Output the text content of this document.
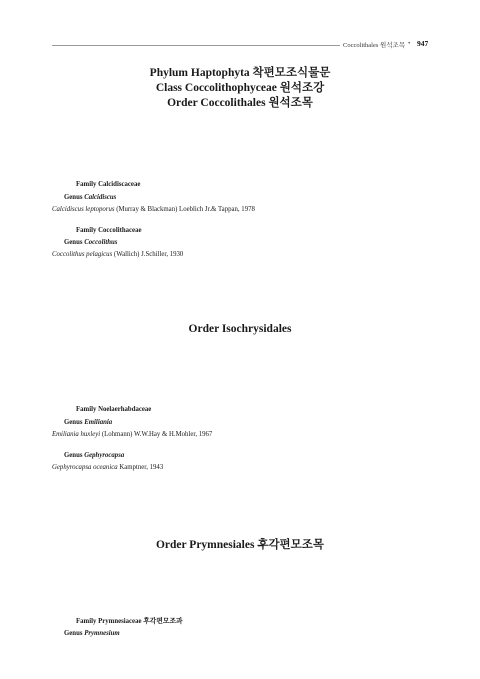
Coccolithales 원석조목 • 947
Phylum Haptophyta 착편모조식물문
Class Coccolithophyceae 원석조강
Order Coccolithales 원석조목
Family Calcidiscaceae
Genus Calcidiscus
Calcidiscus leptoporus (Murray & Blackman) Loeblich Jr.& Tappan, 1978
Family Coccolithaceae
Genus Coccolithus
Coccolithus pelagicus (Wallich) J.Schiller, 1930
Order Isochrysidales
Family Noelaerhabdaceae
Genus Emiliania
Emiliania huxleyi (Lohmann) W.W.Hay & H.Mohler, 1967
Genus Gephyrocapsa
Gephyrocapsa oceanica Kamptner, 1943
Order Prymnesiales 후각편모조목
Family Prymnesiaceae 후각편모조과
Genus Prymnesium
